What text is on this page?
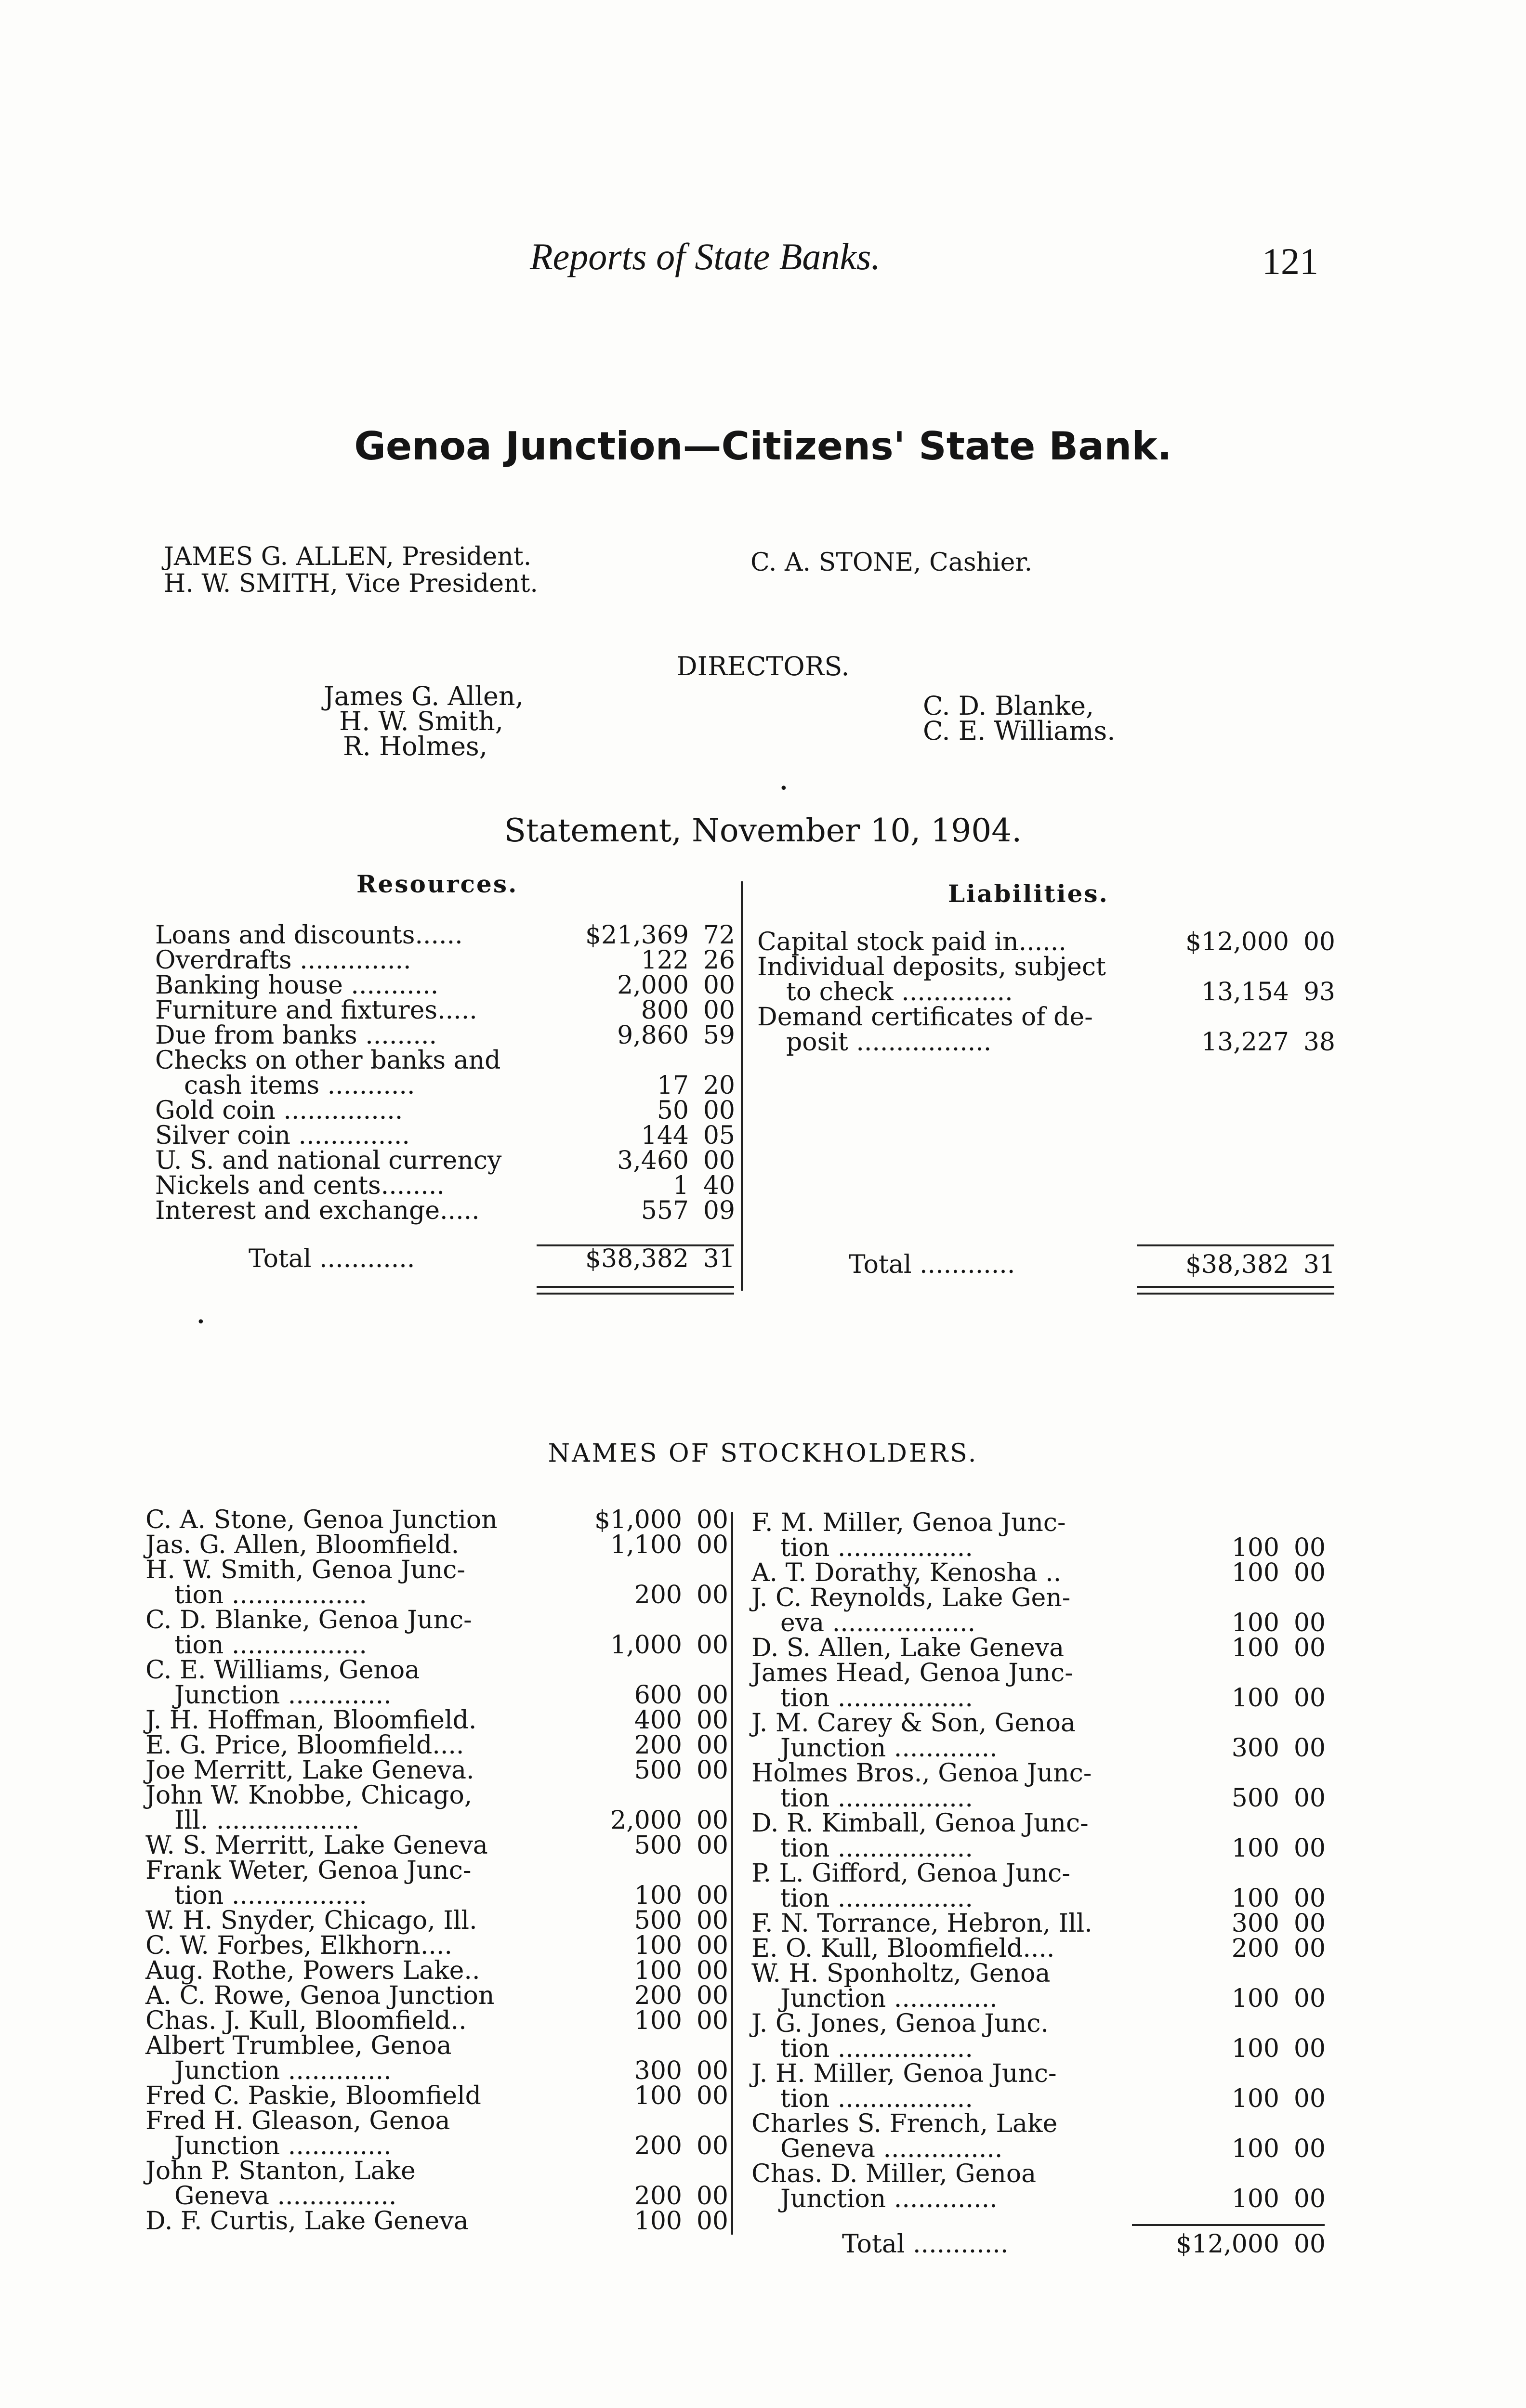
Reports of State Banks.	121
Genoa Junction—Citizens' State Bank.
JAMES G. ALLEN, President.
H. W. SMITH, Vice President.
C. A. STONE, Cashier.
DIRECTORS.
James G. Allen,
H. W. Smith,
R. Holmes,
C. D. Blanke,
C. E. Williams.
•
Statement, November 10, 1904.
Resources.	Liabilities.
Loans and discounts......	$21,369 72
Overdrafts ..............	122 26
Banking house ...........	2,000 00
Furniture and fixtures.....	800 00
Due from banks .........	9,860 59
Checks on other banks and
cash items ...........	17 20
Gold coin ...............	50 00
Silver coin ..............	144 05
U. S. and national currency	3,460 00
Nickels and cents........	1 40
Interest and exchange.....	557 09
Total ............	$38,382 31
Capital stock paid in......	$12,000 00
Individual deposits, subject
to check ..............	13,154 93
Demand certificates of de-
posit .................	13,227 38
Total ............	$38,382 31
•
NAMES OF STOCKHOLDERS.
C. A. Stone, Genoa Junction	$1,000 00
Jas. G. Allen, Bloomfield.	1,100 00
H. W. Smith, Genoa Junc-
tion .................	200 00
C. D. Blanke, Genoa Junc-
tion .................	1,000 00
C. E. Williams, Genoa
Junction .............	600 00
J. H. Hoffman, Bloomfield.	400 00
E. G. Price, Bloomfield....	200 00
Joe Merritt, Lake Geneva.	500 00
John W. Knobbe, Chicago,
Ill. ..................	2,000 00
W. S. Merritt, Lake Geneva	500 00
Frank Weter, Genoa Junc-
tion .................	100 00
W. H. Snyder, Chicago, Ill.	500 00
C. W. Forbes, Elkhorn....	100 00
Aug. Rothe, Powers Lake..	100 00
A. C. Rowe, Genoa Junction	200 00
Chas. J. Kull, Bloomfield..	100 00
Albert Trumblee, Genoa
Junction .............	300 00
Fred C. Paskie, Bloomfield	100 00
Fred H. Gleason, Genoa
Junction .............	200 00
John P. Stanton, Lake
Geneva ...............	200 00
D. F. Curtis, Lake Geneva	100 00
F. M. Miller, Genoa Junc-
tion .................	100 00
A. T. Dorathy, Kenosha ..	100 00
J. C. Reynolds, Lake Gen-
eva ..................	100 00
D. S. Allen, Lake Geneva	100 00
James Head, Genoa Junc-
tion .................	100 00
J. M. Carey & Son, Genoa
Junction .............	300 00
Holmes Bros., Genoa Junc-
tion .................	500 00
D. R. Kimball, Genoa Junc-
tion .................	100 00
P. L. Gifford, Genoa Junc-
tion .................	100 00
F. N. Torrance, Hebron, Ill.	300 00
E. O. Kull, Bloomfield....	200 00
W. H. Sponholtz, Genoa
Junction .............	100 00
J. G. Jones, Genoa Junc.
tion .................	100 00
J. H. Miller, Genoa Junc-
tion .................	100 00
Charles S. French, Lake
Geneva ...............	100 00
Chas. D. Miller, Genoa
Junction .............	100 00
Total ............	$12,000 00
